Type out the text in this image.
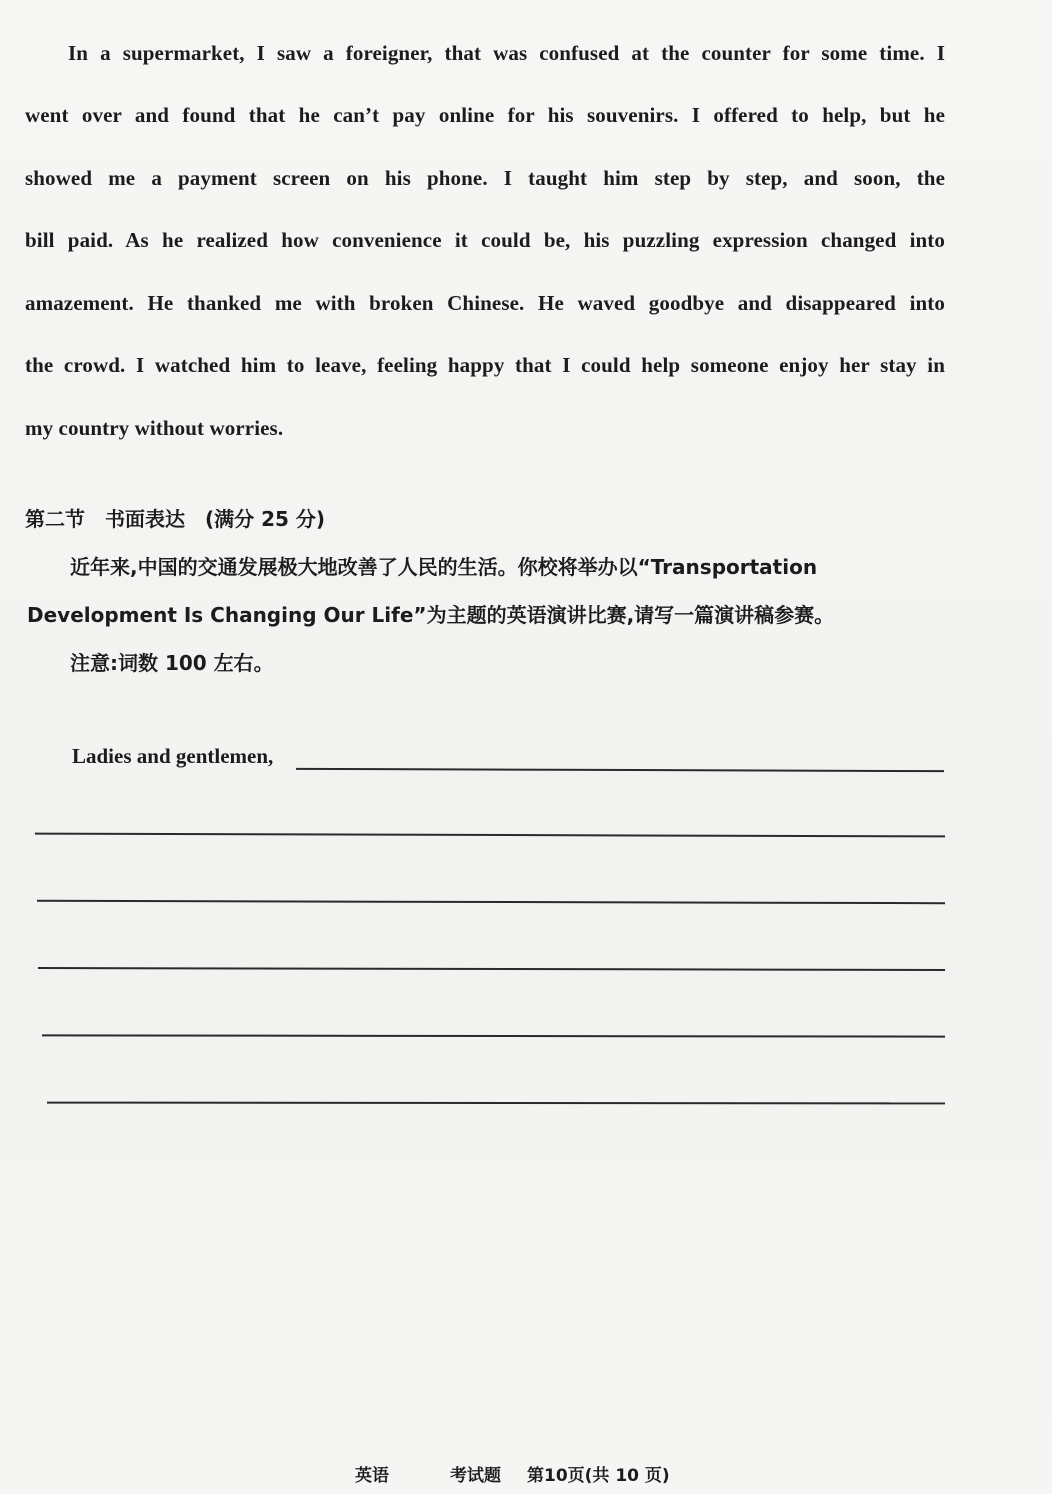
In a supermarket, I saw a foreigner, that was confused at the counter for some time. I
went over and found that he can’t pay online for his souvenirs. I offered to help, but he
showed me a payment screen on his phone. I taught him step by step, and soon, the
bill paid. As he realized how convenience it could be, his puzzling expression changed into
amazement. He thanked me with broken Chinese. He waved goodbye and disappeared into
the crowd. I watched him to leave, feeling happy that I could help someone enjoy her stay in
my country without worries.
第二节　书面表达 (满分 25 分)
近年来,中国的交通发展极大地改善了人民的生活。你校将举办以“Transportation
Development Is Changing Our Life”为主题的英语演讲比赛,请写一篇演讲稿参赛。
注意:词数 100 左右。
Ladies and gentlemen,
英语	考试题 第10页(共 10 页)
